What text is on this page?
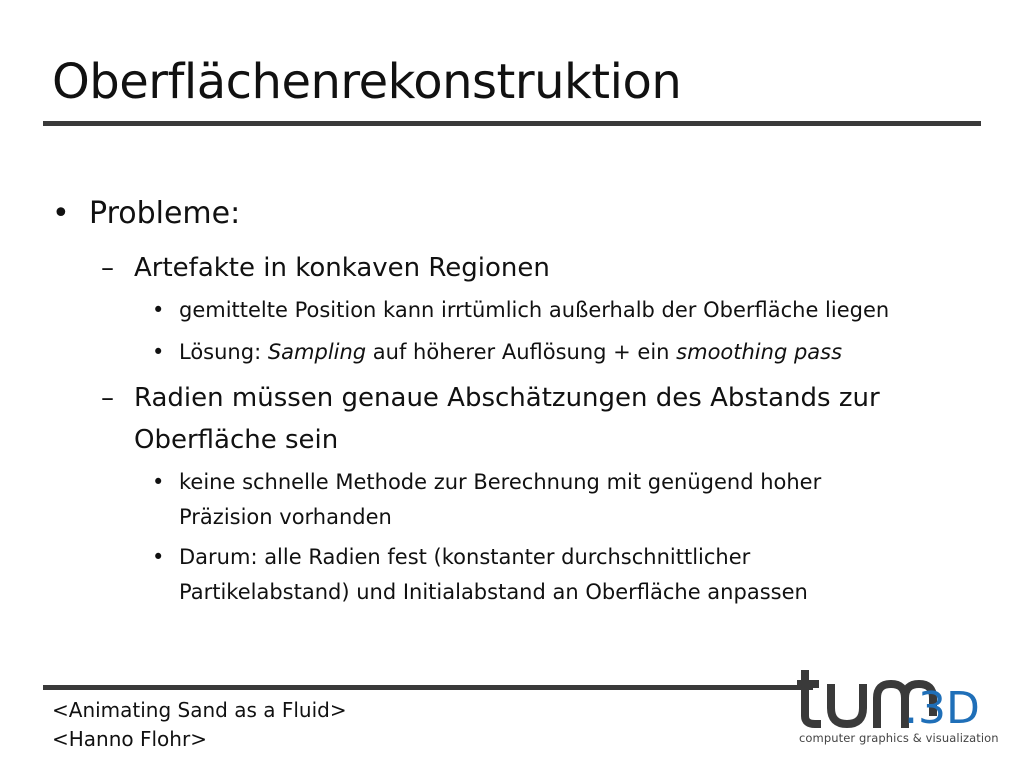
Oberflächenrekonstruktion
• Probleme:
– Artefakte in konkaven Regionen
• gemittelte Position kann irrtümlich außerhalb der Oberfläche liegen
• Lösung: Sampling auf höherer Auflösung + ein smoothing pass
– Radien müssen genaue Abschätzungen des Abstands zur
Oberfläche sein
• keine schnelle Methode zur Berechnung mit genügend hoher
Präzision vorhanden
• Darum: alle Radien fest (konstanter durchschnittlicher
Partikelabstand) und Initialabstand an Oberfläche anpassen
<Animating Sand as a Fluid>
<Hanno Flohr>
.3D
computer graphics & visualization
